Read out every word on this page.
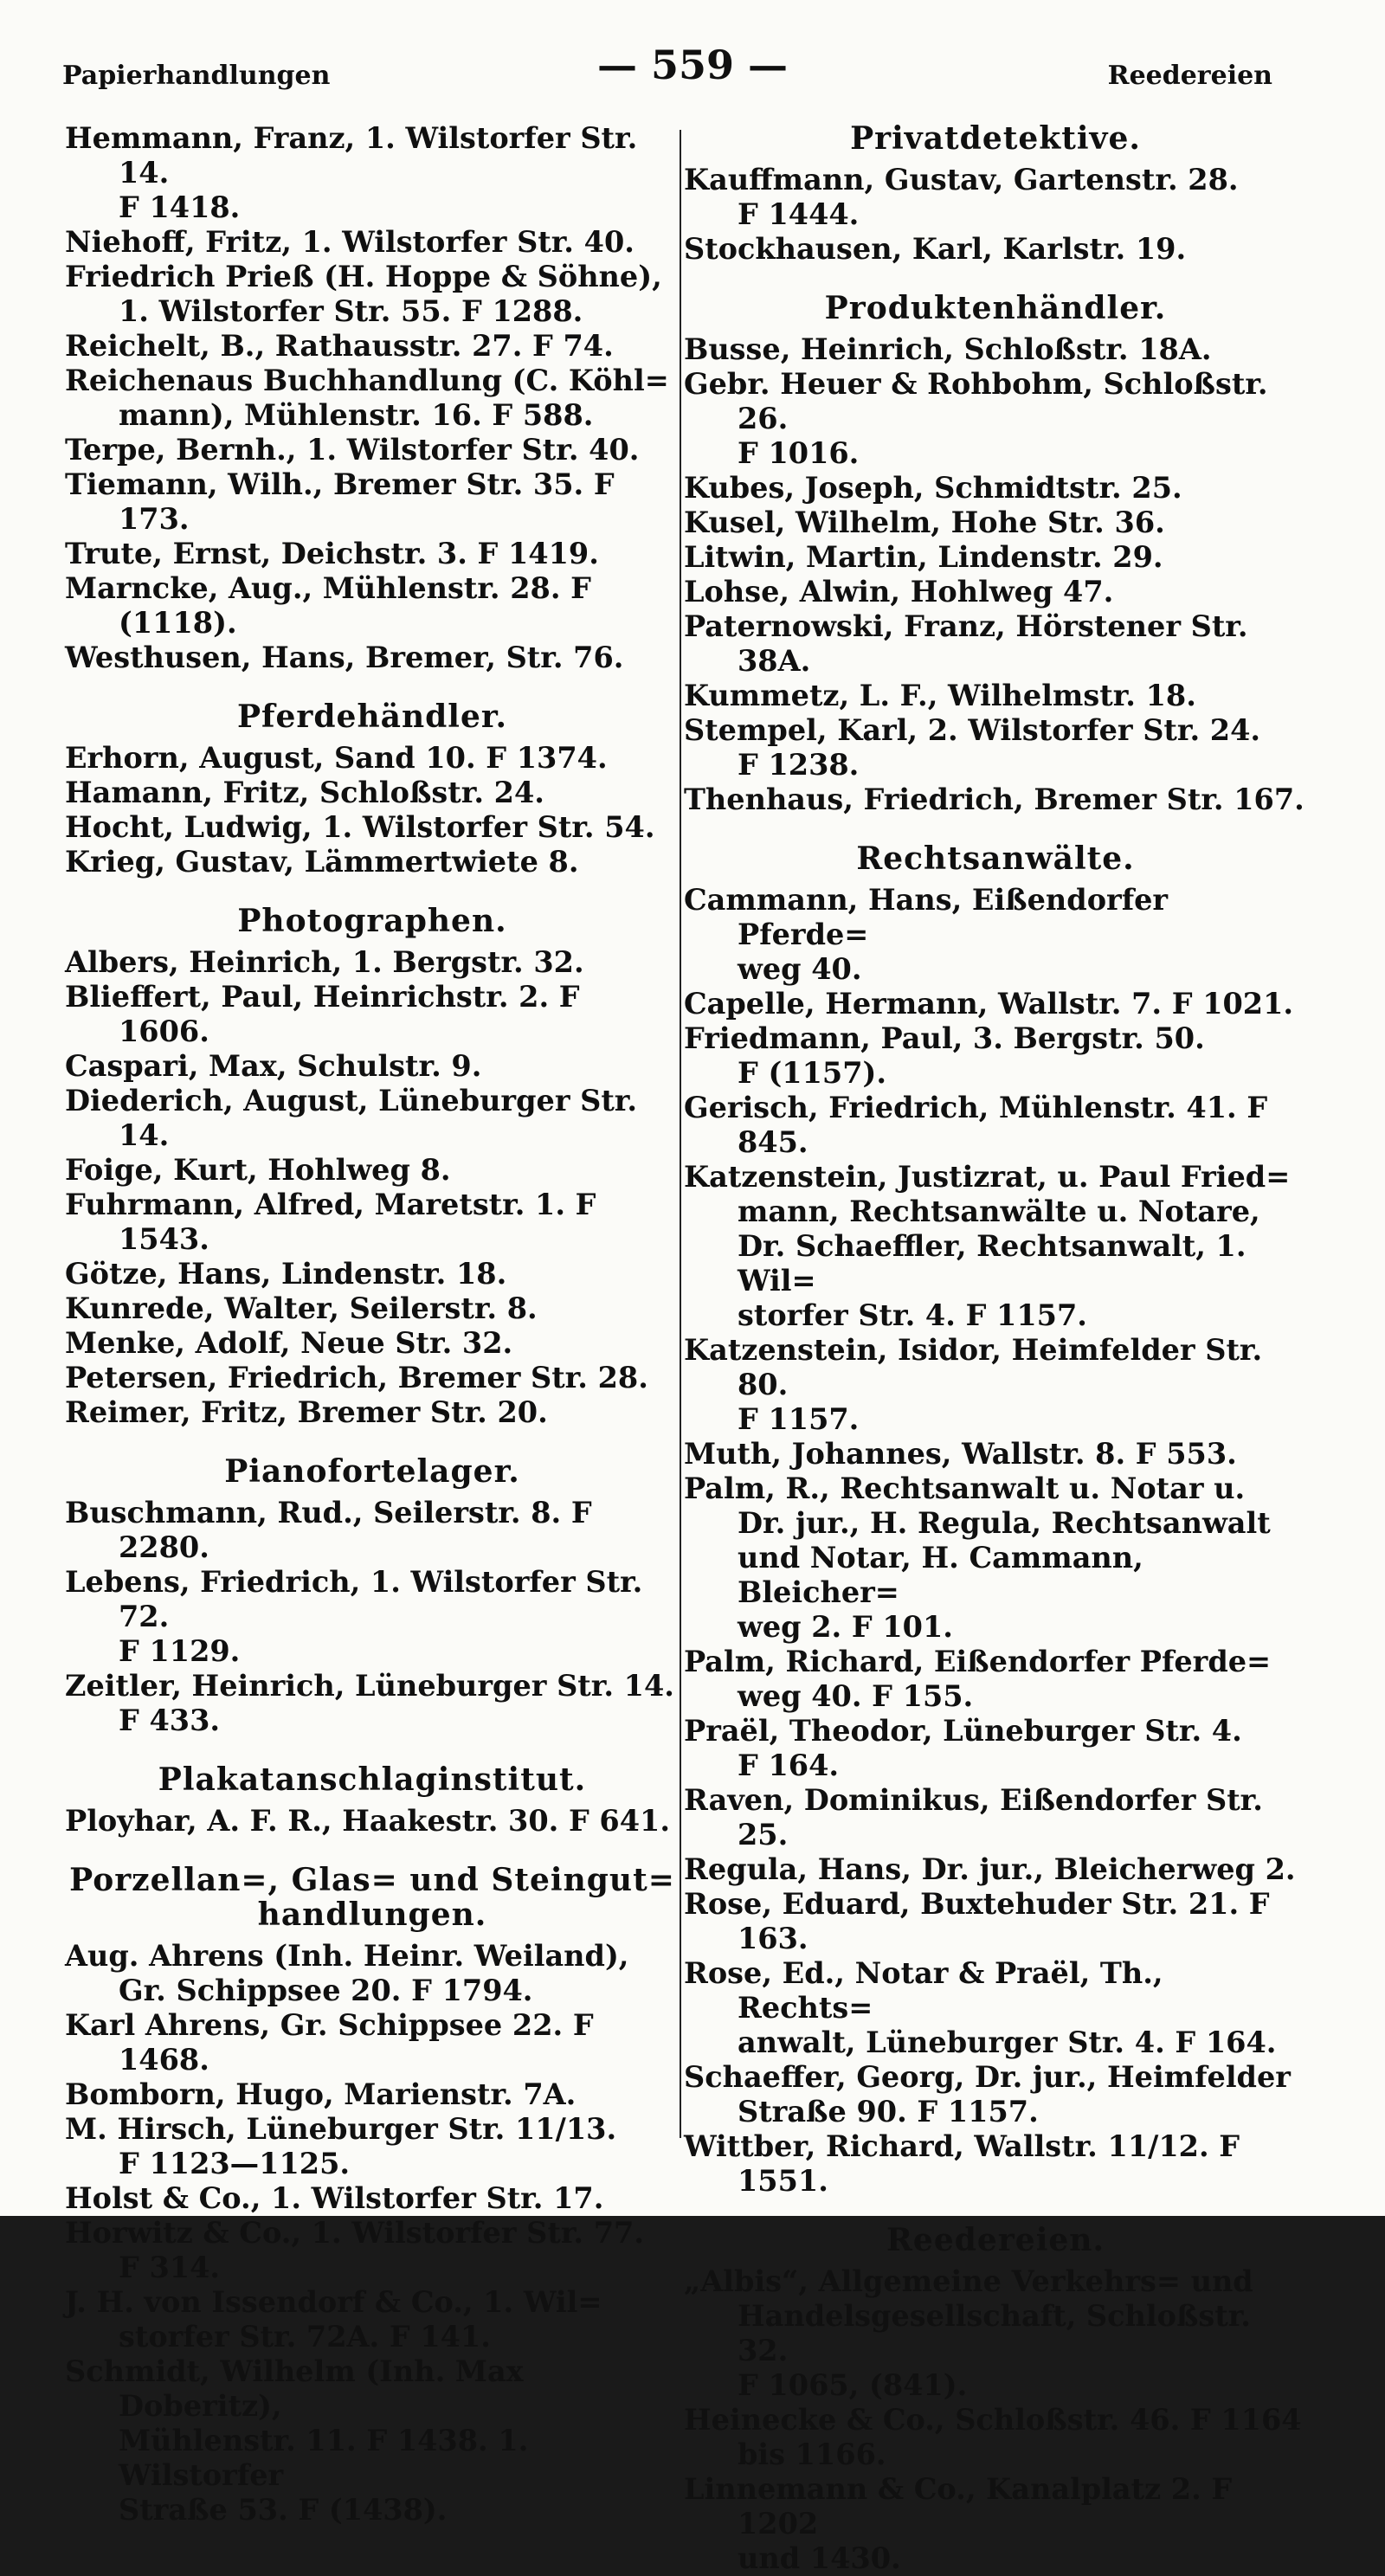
Papierhandlungen	— 559 —	Reedereien
Hemmann, Franz, 1. Wilstorfer Str. 14.
F 1418.
Niehoff, Fritz, 1. Wilstorfer Str. 40.
Friedrich Prieß (H. Hoppe & Söhne),
1. Wilstorfer Str. 55. F 1288.
Reichelt, B., Rathausstr. 27. F 74.
Reichenaus Buchhandlung (C. Köhl=
mann), Mühlenstr. 16. F 588.
Terpe, Bernh., 1. Wilstorfer Str. 40.
Tiemann, Wilh., Bremer Str. 35. F 173.
Trute, Ernst, Deichstr. 3. F 1419.
Marncke, Aug., Mühlenstr. 28. F (1118).
Westhusen, Hans, Bremer, Str. 76.
Pferdehändler.
Erhorn, August, Sand 10. F 1374.
Hamann, Fritz, Schloßstr. 24.
Hocht, Ludwig, 1. Wilstorfer Str. 54.
Krieg, Gustav, Lämmertwiete 8.
Photographen.
Albers, Heinrich, 1. Bergstr. 32.
Blieffert, Paul, Heinrichstr. 2. F 1606.
Caspari, Max, Schulstr. 9.
Diederich, August, Lüneburger Str. 14.
Foige, Kurt, Hohlweg 8.
Fuhrmann, Alfred, Maretstr. 1. F 1543.
Götze, Hans, Lindenstr. 18.
Kunrede, Walter, Seilerstr. 8.
Menke, Adolf, Neue Str. 32.
Petersen, Friedrich, Bremer Str. 28.
Reimer, Fritz, Bremer Str. 20.
Pianofortelager.
Buschmann, Rud., Seilerstr. 8. F 2280.
Lebens, Friedrich, 1. Wilstorfer Str. 72.
F 1129.
Zeitler, Heinrich, Lüneburger Str. 14.
F 433.
Plakatanschlaginstitut.
Ployhar, A. F. R., Haakestr. 30. F 641.
Porzellan=, Glas= und Steingut=
handlungen.
Aug. Ahrens (Inh. Heinr. Weiland),
Gr. Schippsee 20. F 1794.
Karl Ahrens, Gr. Schippsee 22. F 1468.
Bomborn, Hugo, Marienstr. 7A.
M. Hirsch, Lüneburger Str. 11/13.
F 1123—1125.
Holst & Co., 1. Wilstorfer Str. 17.
Horwitz & Co., 1. Wilstorfer Str. 77.
F 314.
J. H. von Issendorf & Co., 1. Wil=
storfer Str. 72A. F 141.
Schmidt, Wilhelm (Inh. Max Doberitz),
Mühlenstr. 11. F 1438. 1. Wilstorfer
Straße 53. F (1438).
Privatdetektive.
Kauffmann, Gustav, Gartenstr. 28.
F 1444.
Stockhausen, Karl, Karlstr. 19.
Produktenhändler.
Busse, Heinrich, Schloßstr. 18A.
Gebr. Heuer & Rohbohm, Schloßstr. 26.
F 1016.
Kubes, Joseph, Schmidtstr. 25.
Kusel, Wilhelm, Hohe Str. 36.
Litwin, Martin, Lindenstr. 29.
Lohse, Alwin, Hohlweg 47.
Paternowski, Franz, Hörstener Str. 38A.
Kummetz, L. F., Wilhelmstr. 18.
Stempel, Karl, 2. Wilstorfer Str. 24.
F 1238.
Thenhaus, Friedrich, Bremer Str. 167.
Rechtsanwälte.
Cammann, Hans, Eißendorfer Pferde=
weg 40.
Capelle, Hermann, Wallstr. 7. F 1021.
Friedmann, Paul, 3. Bergstr. 50.
F (1157).
Gerisch, Friedrich, Mühlenstr. 41. F 845.
Katzenstein, Justizrat, u. Paul Fried=
mann, Rechtsanwälte u. Notare,
Dr. Schaeffler, Rechtsanwalt, 1. Wil=
storfer Str. 4. F 1157.
Katzenstein, Isidor, Heimfelder Str. 80.
F 1157.
Muth, Johannes, Wallstr. 8. F 553.
Palm, R., Rechtsanwalt u. Notar u.
Dr. jur., H. Regula, Rechtsanwalt
und Notar, H. Cammann, Bleicher=
weg 2. F 101.
Palm, Richard, Eißendorfer Pferde=
weg 40. F 155.
Praël, Theodor, Lüneburger Str. 4.
F 164.
Raven, Dominikus, Eißendorfer Str. 25.
Regula, Hans, Dr. jur., Bleicherweg 2.
Rose, Eduard, Buxtehuder Str. 21. F 163.
Rose, Ed., Notar & Praël, Th., Rechts=
anwalt, Lüneburger Str. 4. F 164.
Schaeffer, Georg, Dr. jur., Heimfelder
Straße 90. F 1157.
Wittber, Richard, Wallstr. 11/12. F 1551.
Reedereien.
„Albis“, Allgemeine Verkehrs= und
Handelsgesellschaft, Schloßstr. 32.
F 1065, (841).
Heinecke & Co., Schloßstr. 46. F 1164
bis 1166.
Linnemann & Co., Kanalplatz 2. F 1202
und 1430.
